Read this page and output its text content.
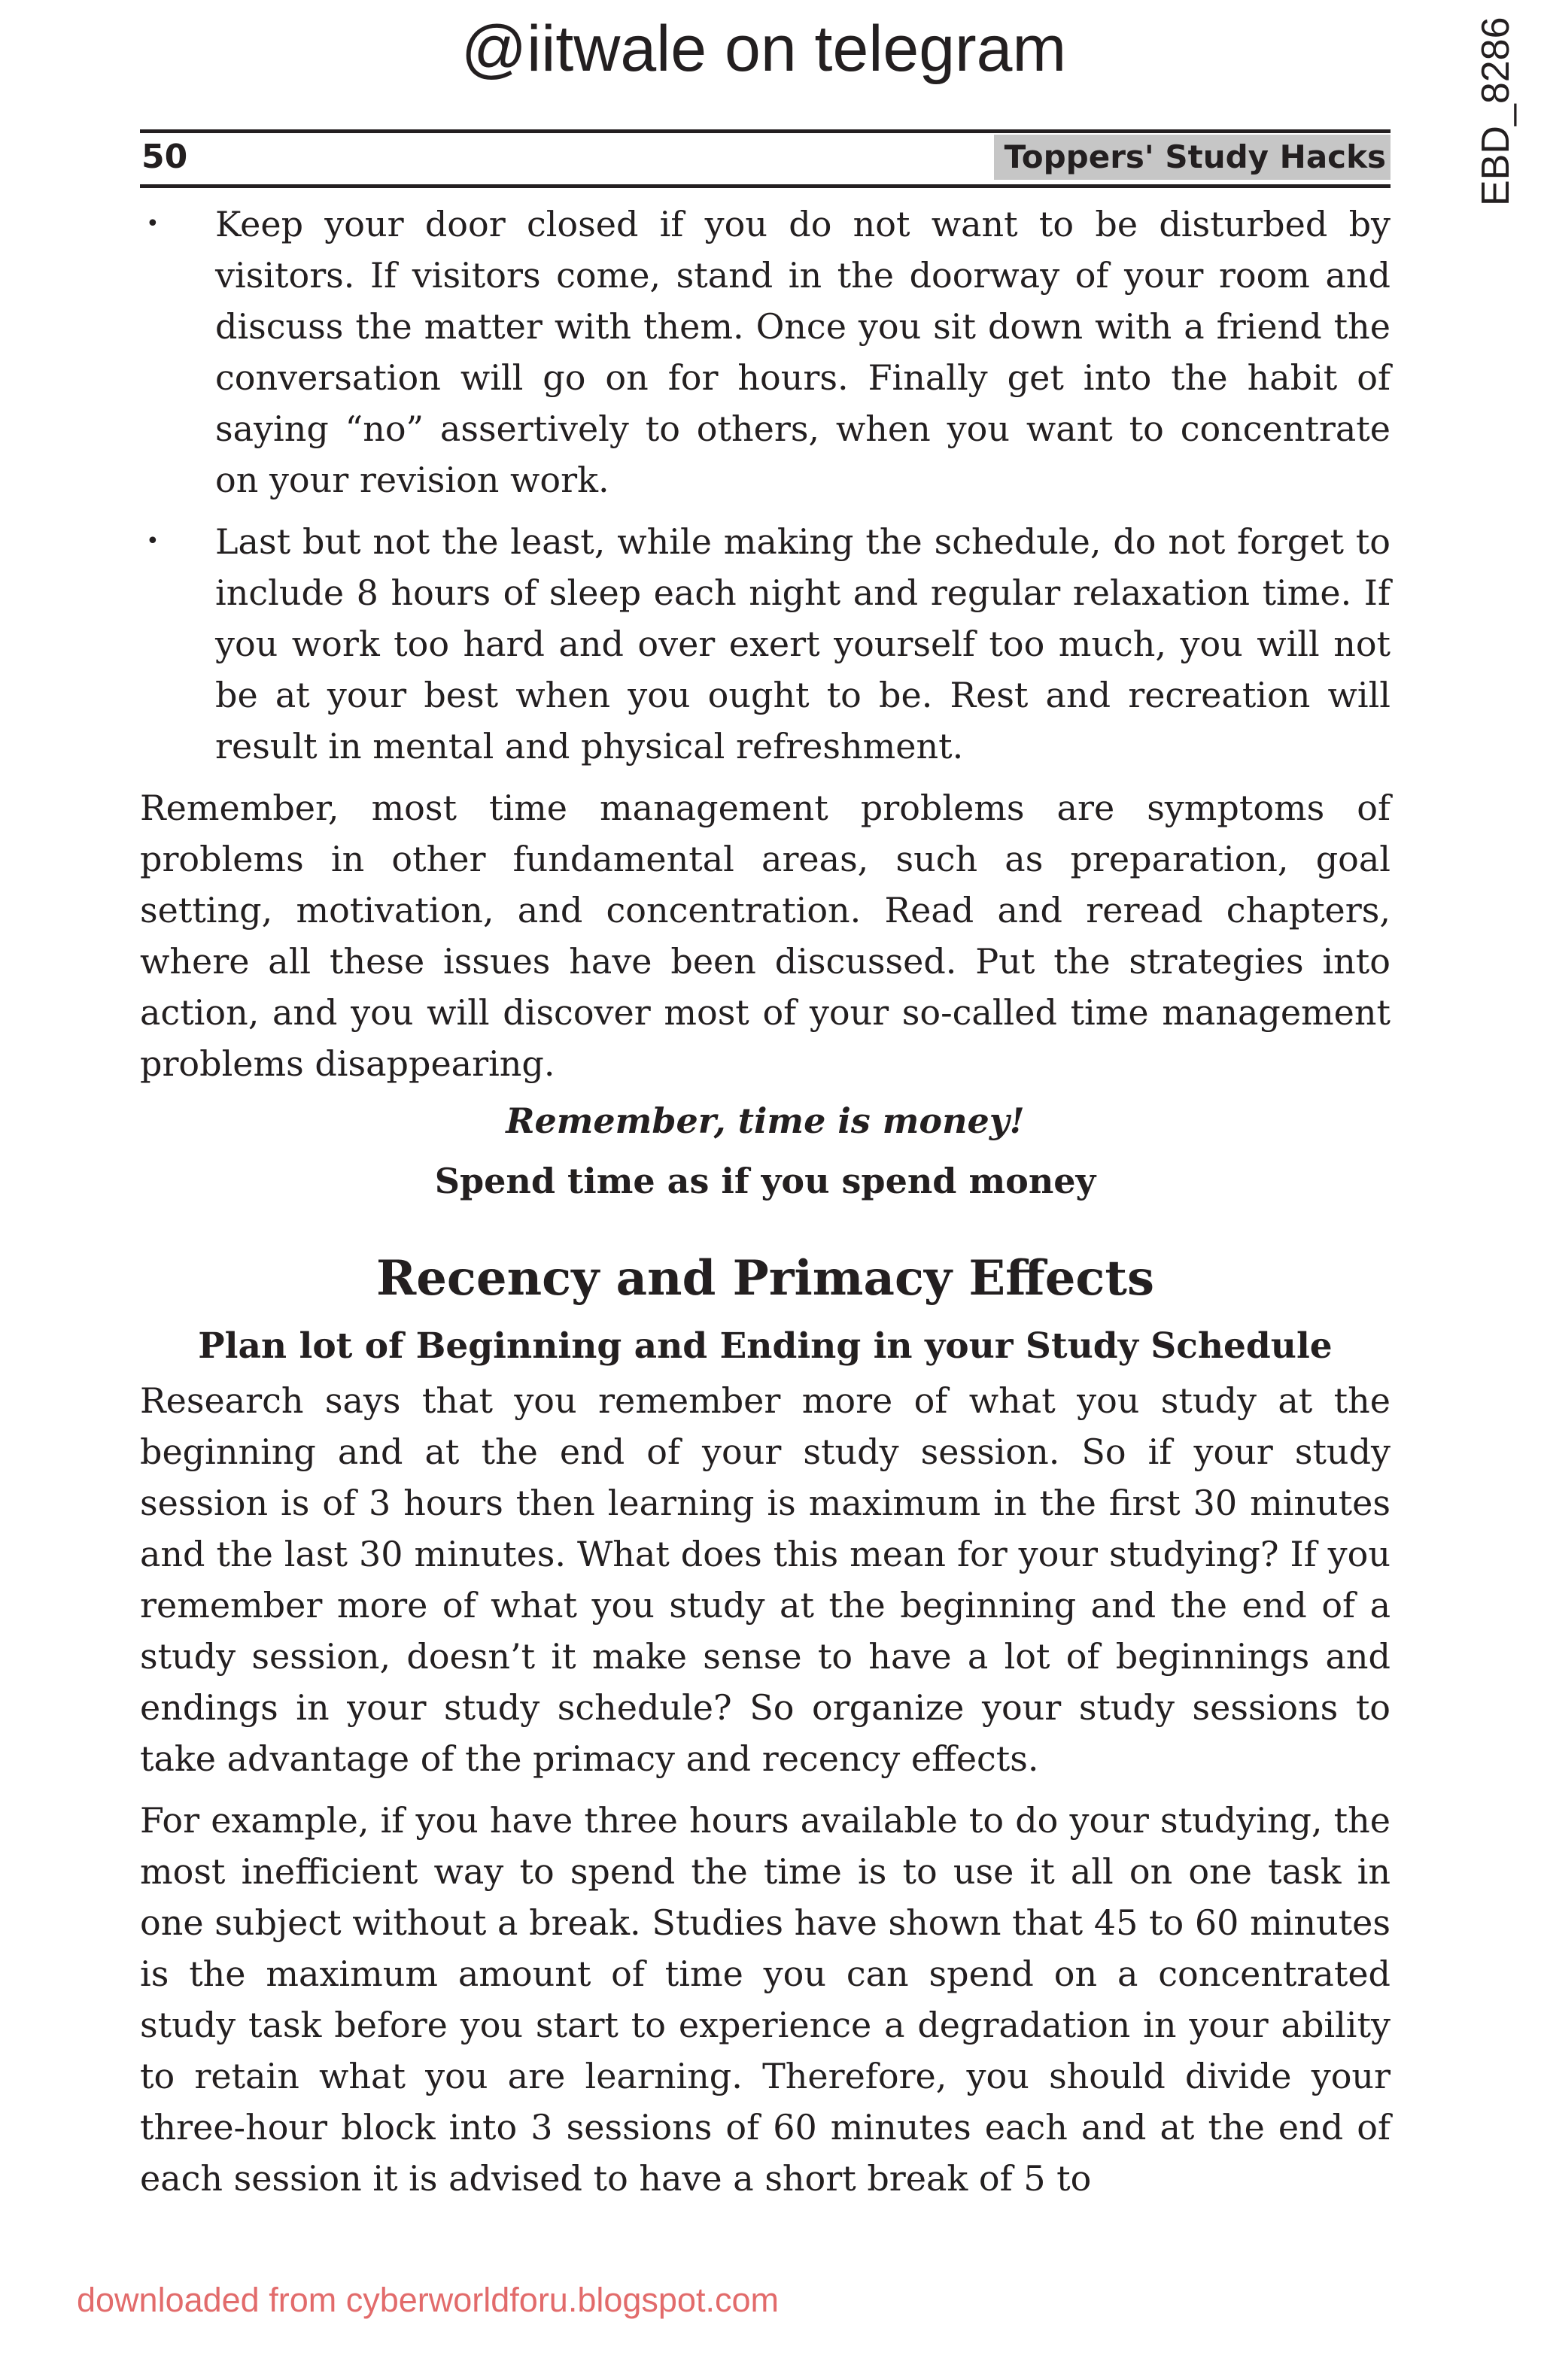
@iitwale on telegram	EBD_8286
50	Toppers' Study Hacks

• Keep your door closed if you do not want to be disturbed by visitors. If visitors come, stand in the doorway of your room and discuss the matter with them. Once you sit down with a friend the conversation will go on for hours. Finally get into the habit of saying “no” assertively to others, when you want to concentrate on your revision work.

• Last but not the least, while making the schedule, do not forget to include 8 hours of sleep each night and regular relaxation time. If you work too hard and over exert yourself too much, you will not be at your best when you ought to be. Rest and recreation will result in mental and physical refreshment.

Remember, most time management problems are symptoms of problems in other fundamental areas, such as preparation, goal setting, motivation, and concentration. Read and reread chapters, where all these issues have been discussed. Put the strategies into action, and you will discover most of your so-called time management problems disappearing.

Remember, time is money!

Spend time as if you spend money

Recency and Primacy Effects
Plan lot of Beginning and Ending in your Study Schedule

Research says that you remember more of what you study at the beginning and at the end of your study session. So if your study session is of 3 hours then learning is maximum in the first 30 minutes and the last 30 minutes. What does this mean for your studying? If you remember more of what you study at the beginning and the end of a study session, doesn’t it make sense to have a lot of beginnings and endings in your study schedule? So organize your study sessions to take advantage of the primacy and recency effects.

For example, if you have three hours available to do your studying, the most inefficient way to spend the time is to use it all on one task in one subject without a break. Studies have shown that 45 to 60 minutes is the maximum amount of time you can spend on a concentrated study task before you start to experience a degradation in your ability to retain what you are learning. Therefore, you should divide your three-hour block into 3 sessions of 60 minutes each and at the end of each session it is advised to have a short break of 5 to

downloaded from cyberworldforu.blogspot.com
